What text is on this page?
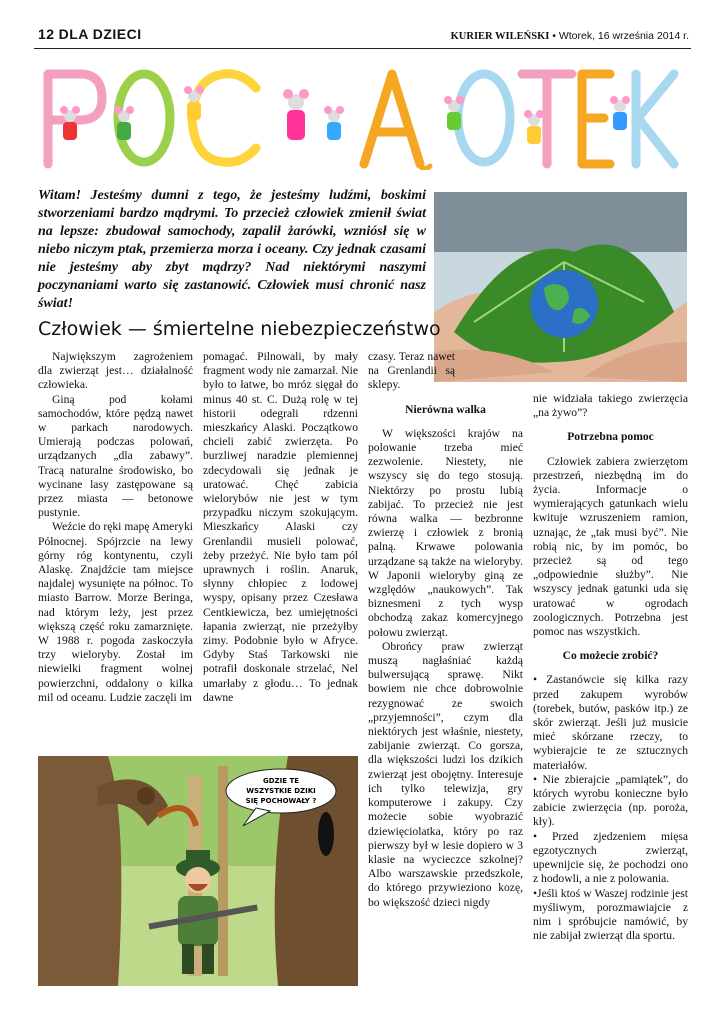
12 DLA DZIECI	KURIER WILEŃSKI • Wtorek, 16 września 2014 r.
Witam! Jesteśmy dumni z tego, że jesteśmy ludźmi, boskimi stworzeniami bardzo mądrymi. To przecież człowiek zmienił świat na lepsze: zbudował samochody, zapalił żarówki, wzniósł się w niebo niczym ptak, przemierza morza i oceany. Czy jednak czasami nie jesteśmy aby zbyt mądrzy? Nad niektórymi naszymi poczynaniami warto się zastanowić. Człowiek musi chronić nasz świat!
Człowiek — śmiertelne niebezpieczeństwo

Największym zagrożeniem dla zwierząt jest… działalność człowieka.

Giną pod kołami samochodów, które pędzą nawet w parkach narodowych. Umierają podczas polowań, urządzanych „dla zabawy”. Tracą naturalne środowisko, bo wycinane lasy zastępowane są przez miasta — betonowe pustynie.

Weźcie do ręki mapę Ameryki Północnej. Spójrzcie na lewy górny róg kontynentu, czyli Alaskę. Znajdźcie tam miejsce najdalej wysunięte na północ. To miasto Barrow. Morze Beringa, nad którym leży, jest przez większą część roku zamarznięte. W 1988 r. pogoda zaskoczyła trzy wieloryby. Został im niewielki fragment wolnej powierzchni, oddalony o kilka mil od oceanu. Ludzie zaczęli im

pomagać. Pilnowali, by mały fragment wody nie zamarzał. Nie było to łatwe, bo mróz sięgał do minus 40 st. C. Dużą rolę w tej historii odegrali rdzenni mieszkańcy Alaski. Początkowo chcieli zabić zwierzęta. Po burzliwej naradzie plemiennej zdecydowali się jednak je uratować. Chęć zabicia wielorybów nie jest w tym przypadku niczym szokującym. Mieszkańcy Alaski czy Grenlandii musieli polować, żeby przeżyć. Nie było tam pól uprawnych i roślin. Anaruk, słynny chłopiec z lodowej wyspy, opisany przez Czesława Centkiewicza, bez umiejętności łapania zwierząt, nie przeżyłby zimy. Podobnie było w Afryce. Gdyby Staś Tarkowski nie potrafił doskonale strzelać, Nel umarłaby z głodu… To jednak dawne

czasy. Teraz nawet na Grenlandii są sklepy.

Nierówna walka

W większości krajów na polowanie trzeba mieć zezwolenie. Niestety, nie wszyscy się do tego stosują. Niektórzy po prostu lubią zabijać. To przecież nie jest równa walka — bezbronne zwierzę i człowiek z bronią palną. Krwawe polowania urządzane są także na wieloryby. W Japonii wieloryby giną ze względów „naukowych”. Tak biznesmeni z tych wysp obchodzą zakaz komercyjnego połowu zwierząt.

Obrońcy praw zwierząt muszą nagłaśniać każdą bulwersującą sprawę. Nikt bowiem nie chce dobrowolnie rezygnować ze swoich „przyjemności”, czym dla niektórych jest właśnie, niestety, zabijanie zwierząt. Co gorsza, dla większości ludzi los dzikich zwierząt jest obojętny. Interesuje ich tylko telewizja, gry komputerowe i zakupy. Czy możecie sobie wyobrazić dziewięciolatka, który po raz pierwszy był w lesie dopiero w 3 klasie na wycieczce szkolnej? Albo warszawskie przedszkole, do którego przywieziono kozę, bo większość dzieci nigdy

nie widziała takiego zwierzęcia „na żywo”?

Potrzebna pomoc

Człowiek zabiera zwierzętom przestrzeń, niezbędną im do życia. Informacje o wymierających gatunkach wielu kwituje wzruszeniem ramion, uznając, że „tak musi być”. Nie robią nic, by im pomóc, bo przecież są od tego „odpowiednie służby”. Nie wszyscy jednak gatunki uda się uratować w ogrodach zoologicznych. Potrzebna jest pomoc nas wszystkich.

Co możecie zrobić?

• Zastanówcie się kilka razy przed zakupem wyrobów (torebek, butów, pasków itp.) ze skór zwierząt. Jeśli już musicie mieć skórzane rzeczy, to wybierajcie te ze sztucznych materiałów.

• Nie zbierajcie „pamiątek”, do których wyrobu konieczne było zabicie zwierzęcia (np. poroża, kły).

• Przed zjedzeniem mięsa egzotycznych zwierząt, upewnijcie się, że pochodzi ono z hodowli, a nie z polowania.

•Jeśli ktoś w Waszej rodzinie jest myśliwym, porozmawiajcie z nim i spróbujcie namówić, by nie zabijał zwierząt dla sportu.

GDZIE TE
WSZYSTKIE DZIKI
SIĘ POCHOWAŁY ?
